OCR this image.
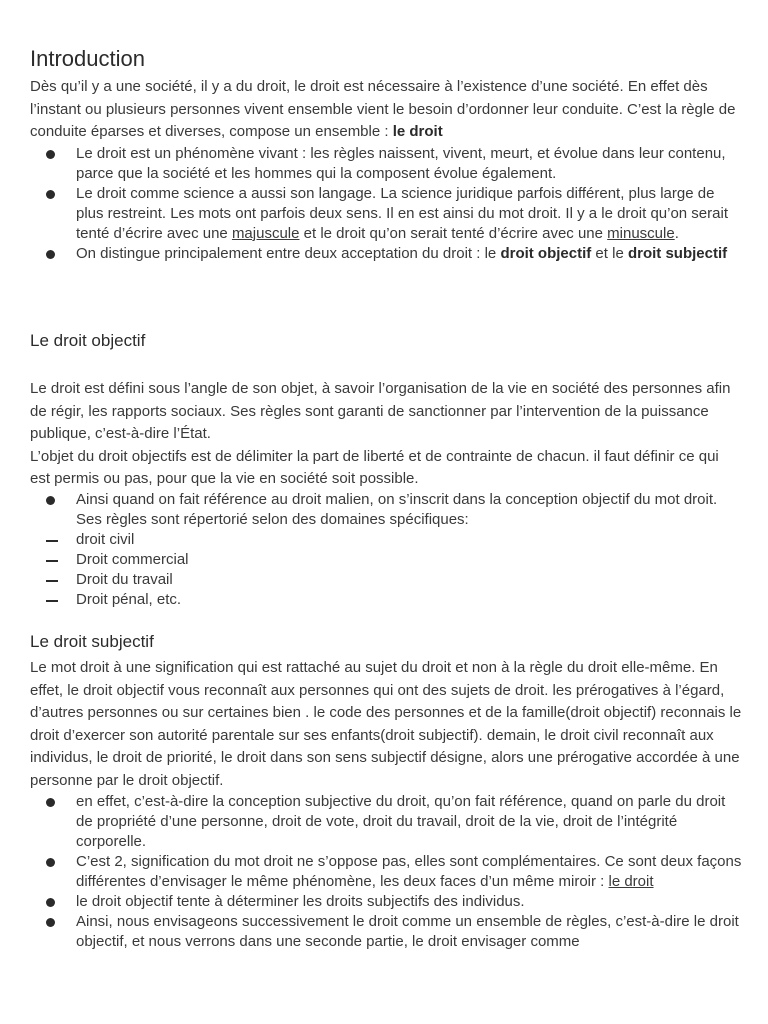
Introduction

Dès qu’il y a une société, il y a du droit, le droit est nécessaire à l’existence d’une société. En effet dès l’instant ou plusieurs personnes vivent ensemble vient le besoin d’ordonner leur conduite. C’est la règle de conduite éparses et diverses, compose un ensemble : le droit

Le droit est un phénomène vivant : les règles naissent, vivent, meurt, et évolue dans leur contenu, parce que la société et les hommes qui la composent évolue également.
Le droit comme science a aussi son langage. La science juridique parfois différent, plus large de plus restreint. Les mots ont parfois deux sens. Il en est ainsi du mot droit. Il y a le droit qu’on serait tenté d’écrire avec une majuscule et le droit qu’on serait tenté d’écrire avec une minuscule.
On distingue principalement entre deux acceptation du droit : le droit objectif et le droit subjectif
Le droit objectif

Le droit est défini sous l’angle de son objet, à savoir l’organisation de la vie en société des personnes afin de régir, les rapports sociaux. Ses règles sont garanti de sanctionner par l’intervention de la puissance publique, c’est-à-dire l’État.
L’objet du droit objectifs est de délimiter la part de liberté et de contrainte de chacun. il faut définir ce qui est permis ou pas, pour que la vie en société soit possible.

Ainsi quand on fait référence au droit malien, on s’inscrit dans la conception objectif du mot droit. Ses règles sont répertorié selon des domaines spécifiques:
droit civil
Droit commercial
Droit du travail
Droit pénal, etc.
Le droit subjectif

Le mot droit à une signification qui est rattaché au sujet du droit et non à la règle du droit elle-même. En effet, le droit objectif vous reconnaît aux personnes qui ont des sujets de droit. les prérogatives à l’égard, d’autres personnes ou sur certaines bien . le code des personnes et de la famille(droit objectif) reconnais le droit d’exercer son autorité parentale sur ses enfants(droit subjectif). demain, le droit civil reconnaît aux individus, le droit de priorité, le droit dans son sens subjectif désigne, alors une prérogative accordée à une personne par le droit objectif.

en effet, c’est-à-dire la conception subjective du droit, qu’on fait référence, quand on parle du droit de propriété d’une personne, droit de vote, droit du travail, droit de la vie, droit de l’intégrité corporelle.
C’est 2, signification du mot droit ne s’oppose pas, elles sont complémentaires. Ce sont deux façons différentes d’envisager le même phénomène, les deux faces d’un même miroir : le droit
le droit objectif tente à déterminer les droits subjectifs des individus.
Ainsi, nous envisageons successivement le droit comme un ensemble de règles, c’est-à-dire le droit objectif, et nous verrons dans une seconde partie, le droit envisager comme
